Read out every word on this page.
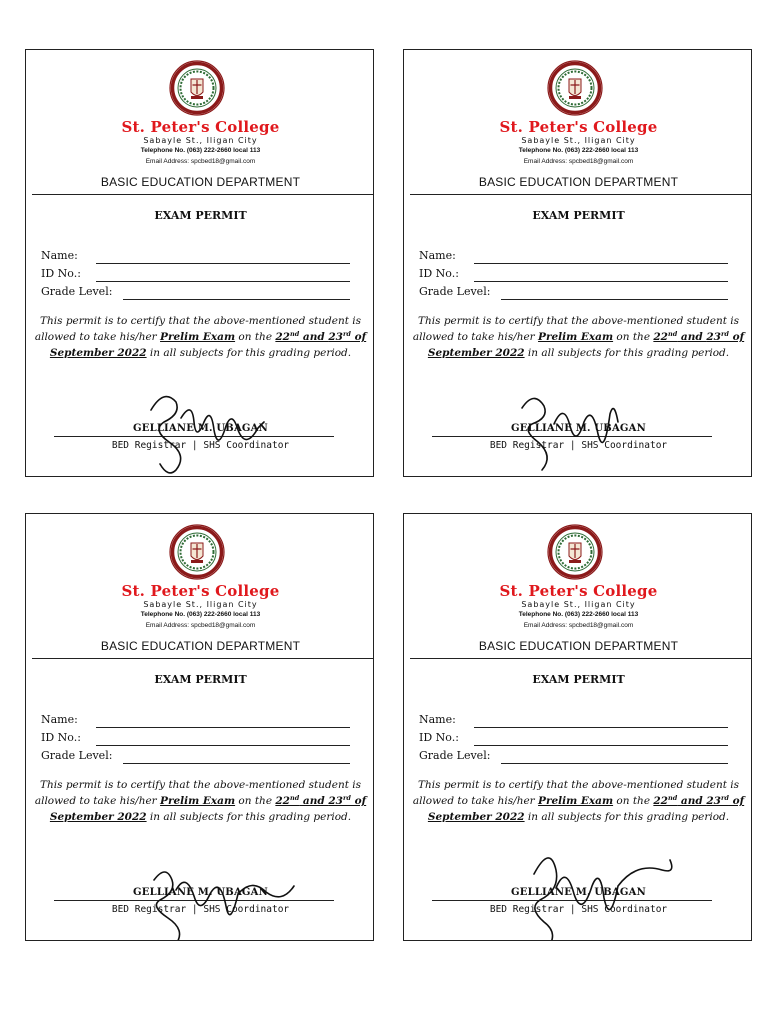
St. Peter's College
Sabayle St., Iligan City
Telephone No. (063) 222-2660 local 113
Email Address: spcbed18@gmail.com
BASIC EDUCATION DEPARTMENT
EXAM PERMIT
Name:
ID No.:
Grade Level:
This permit is to certify that the above-mentioned student is allowed to take his/her Prelim Exam on the 22nd and 23rd of September 2022 in all subjects for this grading period.
GELLIANE M. UBAGAN
BED Registrar | SHS Coordinator
St. Peter's College
Sabayle St., Iligan City
Telephone No. (063) 222-2660 local 113
Email Address: spcbed18@gmail.com
BASIC EDUCATION DEPARTMENT
EXAM PERMIT
Name:
ID No.:
Grade Level:
This permit is to certify that the above-mentioned student is allowed to take his/her Prelim Exam on the 22nd and 23rd of September 2022 in all subjects for this grading period.
GELLIANE M. UBAGAN
BED Registrar | SHS Coordinator
St. Peter's College
Sabayle St., Iligan City
Telephone No. (063) 222-2660 local 113
Email Address: spcbed18@gmail.com
BASIC EDUCATION DEPARTMENT
EXAM PERMIT
Name:
ID No.:
Grade Level:
This permit is to certify that the above-mentioned student is allowed to take his/her Prelim Exam on the 22nd and 23rd of September 2022 in all subjects for this grading period.
GELLIANE M. UBAGAN
BED Registrar | SHS Coordinator
St. Peter's College
Sabayle St., Iligan City
Telephone No. (063) 222-2660 local 113
Email Address: spcbed18@gmail.com
BASIC EDUCATION DEPARTMENT
EXAM PERMIT
Name:
ID No.:
Grade Level:
This permit is to certify that the above-mentioned student is allowed to take his/her Prelim Exam on the 22nd and 23rd of September 2022 in all subjects for this grading period.
GELLIANE M. UBAGAN
BED Registrar | SHS Coordinator
